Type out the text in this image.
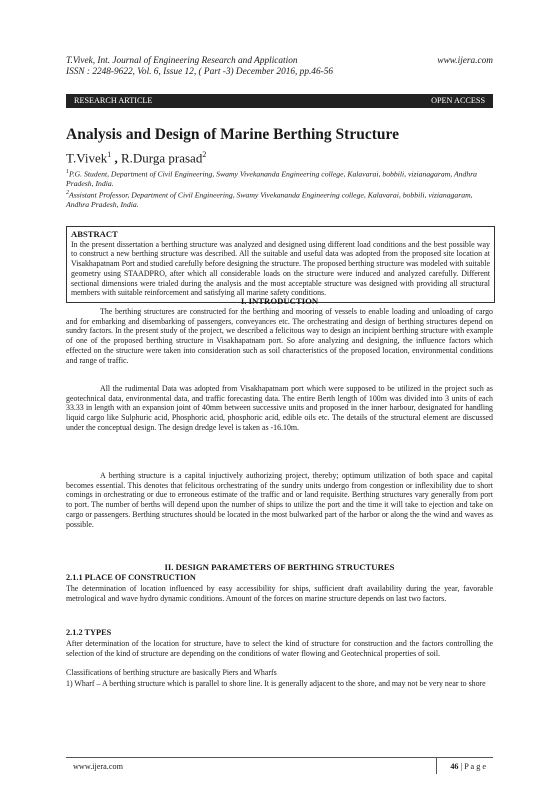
T.Vivek, Int. Journal of Engineering Research and Application
ISSN : 2248-9622, Vol. 6, Issue 12, ( Part -3) December 2016, pp.46-56
www.ijera.com
RESEARCH ARTICLE	OPEN ACCESS
Analysis and Design of Marine Berthing Structure
T.Vivek$^1$ , R.Durga prasad$^2$
$^1$P.G. Student, Department of Civil Engineering, Swamy Vivekananda Engineering college, Kalavarai, bobbili, vizianagaram, Andhra Pradesh, India.
$^2$Assistant Professor, Department of Civil Engineering, Swamy Vivekananda Engineering college, Kalavarai, bobbili, vizianagaram, Andhra Pradesh, India.
ABSTRACT
In the present dissertation a berthing structure was analyzed and designed using different load conditions and the best possible way to construct a new berthing structure was described. All the suitable and useful data was adopted from the proposed site location at Visakhapatnam Port and studied carefully before designing the structure. The proposed berthing structure was modeled with suitable geometry using STAADPRO, after which all considerable loads on the structure were induced and analyzed carefully. Different sectional dimensions were trialed during the analysis and the most acceptable structure was designed with providing all structural members with suitable reinforcement and satisfying all marine safety conditions.
I. INTRODUCTION
The berthing structures are constructed for the berthing and mooring of vessels to enable loading and unloading of cargo and for embarking and disembarking of passengers, conveyances etc. The orchestrating and design of berthing structures depend on sundry factors. In the present study of the project, we described a felicitous way to design an incipient berthing structure with example of one of the proposed berthing structure in Visakhapatnam port. So afore analyzing and designing, the influence factors which effected on the structure were taken into consideration such as soil characteristics of the proposed location, environmental conditions and range of traffic.
All the rudimental Data was adopted from Visakhapatnam port which were supposed to be utilized in the project such as geotechnical data, environmental data, and traffic forecasting data. The entire Berth length of 100m was divided into 3 units of each 33.33 in length with an expansion joint of 40mm between successive units and proposed in the inner harbour, designated for handling liquid cargo like Sulphuric acid, Phosphoric acid, phosphoric acid, edible oils etc. The details of the structural element are discussed under the conceptual design. The design dredge level is taken as -16.10m.
A berthing structure is a capital injuctively authorizing project, thereby; optimum utilization of both space and capital becomes essential. This denotes that felicitous orchestrating of the sundry units undergo from congestion or inflexibility due to short comings in orchestrating or due to erroneous estimate of the traffic and or land requisite. Berthing structures vary generally from port to port. The number of berths will depend upon the number of ships to utilize the port and the time it will take to ejection and take on cargo or passengers. Berthing structures should be located in the most bulwarked part of the harbor or along the the wind and waves as possible.
II. DESIGN PARAMETERS OF BERTHING STRUCTURES
2.1.1 PLACE OF CONSTRUCTION
The determination of location influenced by easy accessibility for ships, sufficient draft availability during the year, favorable metrological and wave hydro dynamic conditions. Amount of the forces on marine structure depends on last two factors.
2.1.2 TYPES
After determination of the location for structure, have to select the kind of structure for construction and the factors controlling the selection of the kind of structure are depending on the conditions of water flowing and Geotechnical properties of soil.
Classifications of berthing structure are basically Piers and Wharfs
1) Wharf – A berthing structure which is parallel to shore line. It is generally adjacent to the shore, and may not be very near to shore
www.ijera.com	46 | P a g e
